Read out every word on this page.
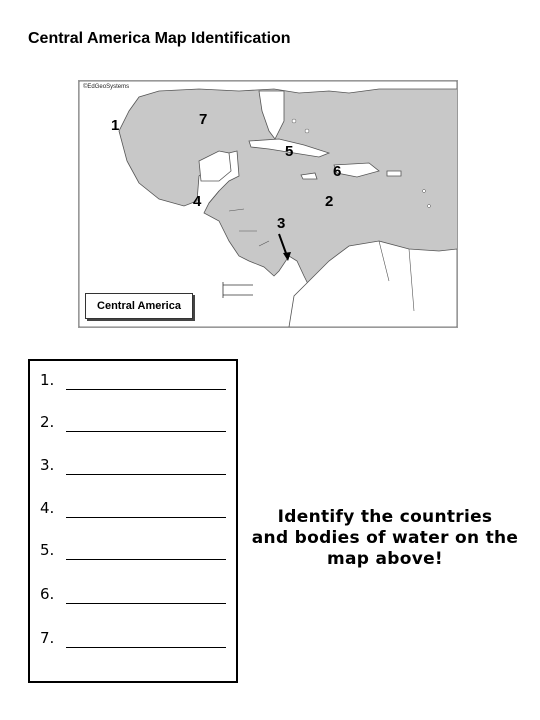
Central America Map Identification
©EdGeoSystems
1	7
5
6
2
4
3
Central America
1.
2.
3.
4.
5.
6.
7.
Identify the countries
and bodies of water on the
map above!
